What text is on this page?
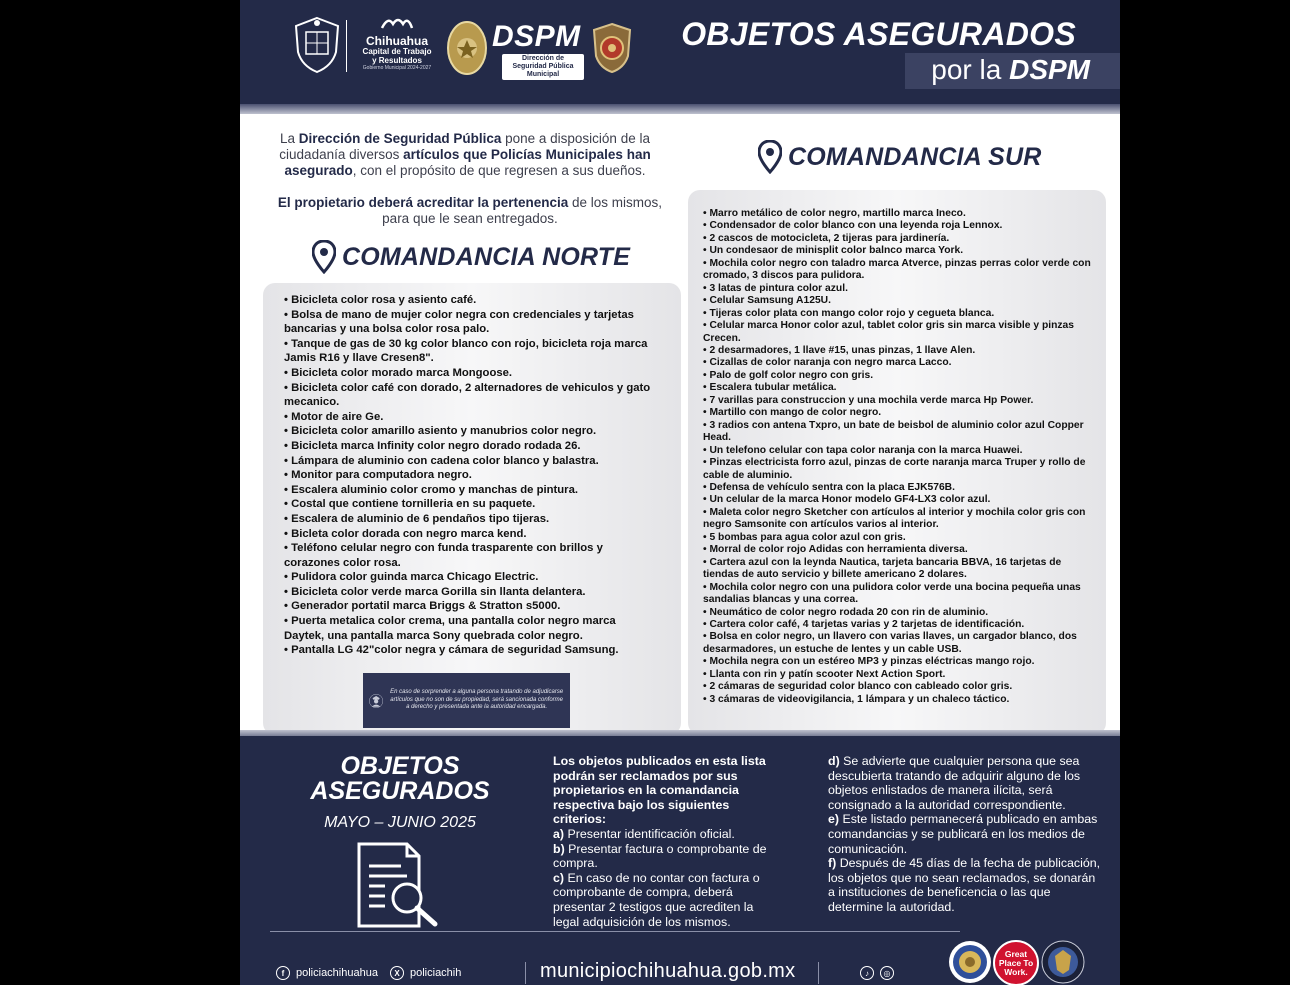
Chihuahua
Capital de Trabajo
y Resultados
Gobierno Municipal 2024-2027
DSPM
Dirección de Seguridad Pública Municipal
OBJETOS ASEGURADOS
por la DSPM

La Dirección de Seguridad Pública pone a disposición de la ciudadanía diversos artículos que Policías Municipales han asegurado, con el propósito de que regresen a sus dueños.

El propietario deberá acreditar la pertenencia de los mismos, para que le sean entregados.

COMANDANCIA NORTE
• Bicicleta color rosa y asiento café.
• Bolsa de mano de mujer color negra con credenciales y tarjetas bancarias y una bolsa color rosa palo.
• Tanque de gas de 30 kg color blanco con rojo, bicicleta roja marca Jamis R16 y llave Cresen8".
• Bicicleta color morado marca Mongoose.
• Bicicleta color café con dorado, 2 alternadores de vehiculos y gato mecanico.
• Motor de aire Ge.
• Bicicleta color amarillo asiento y manubrios color negro.
• Bicicleta marca Infinity color negro dorado rodada 26.
• Lámpara de aluminio con cadena color blanco y balastra.
• Monitor para computadora negro.
• Escalera aluminio color cromo y manchas de pintura.
• Costal que contiene tornilleria en su paquete.
• Escalera de aluminio de 6 pendaños tipo tijeras.
• Bicleta color dorada con negro marca kend.
• Teléfono celular negro con funda trasparente con brillos y corazones color rosa.
• Pulidora color guinda marca Chicago Electric.
• Bicicleta color verde marca Gorilla sin llanta delantera.
• Generador portatil marca Briggs & Stratton s5000.
• Puerta metalica color crema, una pantalla color negro marca Daytek, una pantalla marca Sony quebrada color negro.
• Pantalla LG 42"color negra y cámara de seguridad Samsung.
En caso de sorprender a alguna persona tratando de adjudicarse artículos que no son de su propiedad, será sancionada conforme a derecho y presentada ante la autoridad encargada.
COMANDANCIA SUR
• Marro metálico de color negro, martillo marca Ineco.
• Condensador de color blanco con una leyenda roja Lennox.
• 2 cascos de motocicleta, 2 tijeras para jardinería.
• Un condesaor de minisplit color balnco marca York.
• Mochila color negro con taladro marca Atverce, pinzas perras color verde con cromado, 3 discos para pulidora.
• 3 latas de pintura color azul.
• Celular Samsung A125U.
• Tijeras color plata con mango color rojo y cegueta blanca.
• Celular marca Honor color azul, tablet color gris sin marca visible y pinzas Crecen.
• 2 desarmadores, 1 llave #15, unas pinzas, 1 llave Alen.
• Cizallas de color naranja con negro marca Lacco.
• Palo de golf color negro con gris.
• Escalera tubular metálica.
• 7 varillas para construccion y una mochila verde marca Hp Power.
• Martillo con mango de color negro.
• 3 radios con antena Txpro, un bate de beisbol de aluminio color azul Copper Head.
• Un telefono celular con tapa color naranja con la marca Huawei.
• Pinzas electricista forro azul, pinzas de corte naranja marca Truper y rollo de cable de aluminio.
• Defensa de vehículo sentra con la placa EJK576B.
• Un celular de la marca Honor modelo GF4-LX3 color azul.
• Maleta color negro Sketcher con artículos al interior y mochila color gris con negro Samsonite con artículos varios al interior.
• 5 bombas para agua color azul con gris.
• Morral de color rojo Adidas con herramienta diversa.
• Cartera azul con la leynda Nautica, tarjeta bancaria BBVA, 16 tarjetas de tiendas de auto servicio y billete americano 2 dolares.
• Mochila color negro con una pulidora color verde una bocina pequeña unas sandalias blancas y una correa.
• Neumático de color negro rodada 20 con rin de aluminio.
• Cartera color café, 4 tarjetas varias y 2 tarjetas de identificación.
• Bolsa en color negro, un llavero con varias llaves, un cargador blanco, dos desarmadores, un estuche de lentes y un cable USB.
• Mochila negra con un estéreo MP3 y pinzas eléctricas mango rojo.
• Llanta con rin y patín scooter Next Action Sport.
• 2 cámaras de seguridad color blanco con cableado color gris.
• 3 cámaras de videovigilancia, 1 lámpara y un chaleco táctico.
OBJETOS
ASEGURADOS
MAYO – JUNIO 2025
Los objetos publicados en esta lista podrán ser reclamados por sus propietarios en la comandancia respectiva bajo los siguientes criterios:
a) Presentar identificación oficial.
b) Presentar factura o comprobante de compra.
c) En caso de no contar con factura o comprobante de compra, deberá presentar 2 testigos que acrediten la legal adquisición de los mismos.
d) Se advierte que cualquier persona que sea descubierta tratando de adquirir alguno de los objetos enlistados de manera ilícita, será consignado a la autoridad correspondiente.
e) Este listado permanecerá publicado en ambas comandancias y se publicará en los medios de comunicación.
f) Después de 45 días de la fecha de publicación, los objetos que no sean reclamados, se donarán a instituciones de beneficencia o las que determine la autoridad.
f	policiachihuahua	X policiachih	municipiochihuahua.gob.mx	♪	◎
Great Place To Work.
